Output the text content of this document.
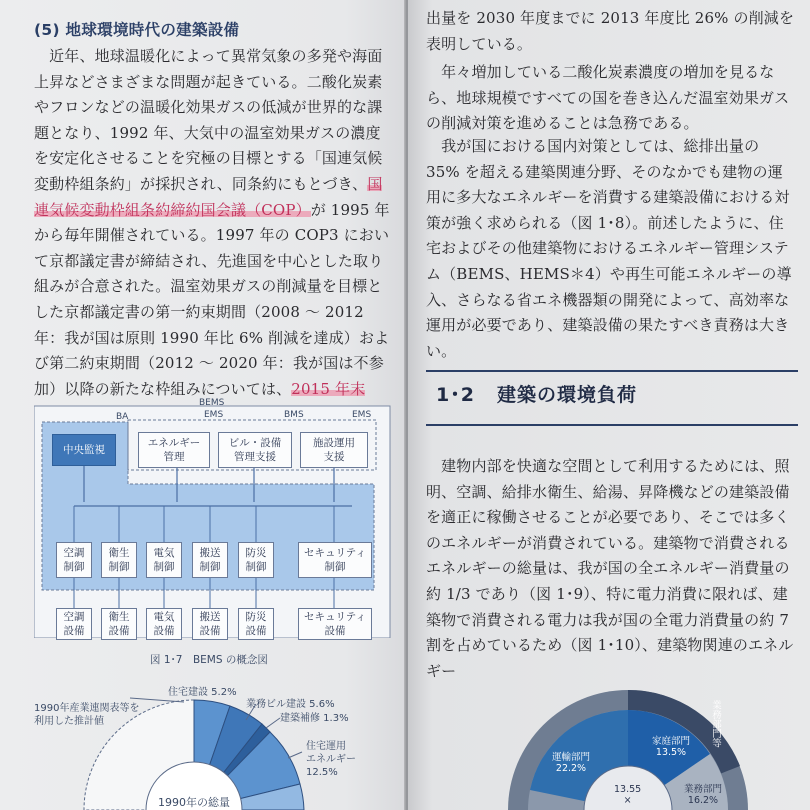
(5) 地球環境時代の建築設備
　近年、地球温暖化によって異常気象の多発や海面上昇などさまざまな問題が起きている。二酸化炭素やフロンなどの温暖化効果ガスの低減が世界的な課題となり、1992 年、大気中の温室効果ガスの濃度を安定化させることを究極の目標とする「国連気候変動枠組条約」が採択され、同条約にもとづき、国連気候変動枠組条約締約国会議（COP）が 1995 年から毎年開催されている。1997 年の COP3 において京都議定書が締結され、先進国を中心とした取り組みが合意された。温室効果ガスの削減量を目標とした京都議定書の第一約束期間（2008 ～ 2012 年：我が国は原則 1990 年比 6% 削減を達成）および第二約束期間（2012 ～ 2020 年：我が国は不参加）以降の新たな枠組みについては、2015 年末
BEMS
BA	EMS	BMS	EMS
中央監視
エネルギー
管理
ビル・設備
管理支援
施設運用
支援
空調
制御
衛生
制御
電気
制御
搬送
制御
防災
制御
セキュリティ
制御
空調
設備
衛生
設備
電気
設備
搬送
設備
防災
設備
セキュリティ
設備
図 1･7　BEMS の概念図
1990年産業連関表等を
利用した推計値
住宅建設 5.2%
業務ビル建設 5.6%
建築補修 1.3%
住宅運用
エネルギー
12.5%
1990年の総量
出量を 2030 年度までに 2013 年度比 26% の削減を表明している。
　年々増加している二酸化炭素濃度の増加を見るなら、地球規模ですべての国を巻き込んだ温室効果ガスの削減対策を進めることは急務である。
　我が国における国内対策としては、総排出量の 35% を超える建築関連分野、そのなかでも建物の運用に多大なエネルギーを消費する建築設備における対策が強く求められる（図 1･8）。前述したように、住宅およびその他建築物におけるエネルギー管理システム（BEMS、HEMS＊4）や再生可能エネルギーの導入、さらなる省エネ機器類の開発によって、高効率な運用が必要であり、建築設備の果たすべき責務は大きい。
1･2 建築の環境負荷
　建物内部を快適な空間として利用するためには、照明、空調、給排水衛生、給湯、昇降機などの建築設備を適正に稼働させることが必要であり、そこでは多くのエネルギーが消費されている。建築物で消費されるエネルギーの総量は、我が国の全エネルギー消費量の約 1/3 であり（図 1･9）、特に電力消費に限れば、建築物で消費される電力は我が国の全電力消費量の約 7 割を占めているため（図 1･10）、建築物関連のエネルギー
業務部門等
家庭部門
13.5%
運輸部門
22.2%
業務部門
16.2%
13.55
×
